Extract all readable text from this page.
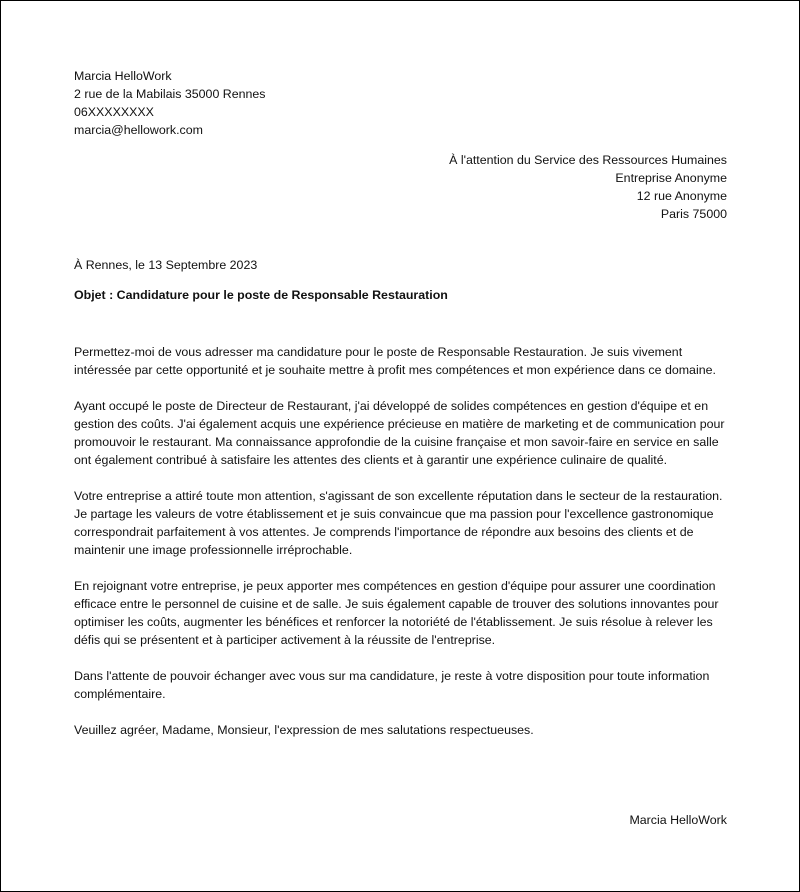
Marcia HelloWork
2 rue de la Mabilais 35000 Rennes
06XXXXXXXX
marcia@hellowork.com
À l'attention du Service des Ressources Humaines
Entreprise Anonyme
12 rue Anonyme
Paris 75000
À Rennes, le 13 Septembre 2023
Objet : Candidature pour le poste de Responsable Restauration

Permettez-moi de vous adresser ma candidature pour le poste de Responsable Restauration. Je suis vivement intéressée par cette opportunité et je souhaite mettre à profit mes compétences et mon expérience dans ce domaine.

Ayant occupé le poste de Directeur de Restaurant, j'ai développé de solides compétences en gestion d'équipe et en gestion des coûts. J'ai également acquis une expérience précieuse en matière de marketing et de communication pour promouvoir le restaurant. Ma connaissance approfondie de la cuisine française et mon savoir-faire en service en salle ont également contribué à satisfaire les attentes des clients et à garantir une expérience culinaire de qualité.

Votre entreprise a attiré toute mon attention, s'agissant de son excellente réputation dans le secteur de la restauration. Je partage les valeurs de votre établissement et je suis convaincue que ma passion pour l'excellence gastronomique correspondrait parfaitement à vos attentes. Je comprends l'importance de répondre aux besoins des clients et de maintenir une image professionnelle irréprochable.

En rejoignant votre entreprise, je peux apporter mes compétences en gestion d'équipe pour assurer une coordination efficace entre le personnel de cuisine et de salle. Je suis également capable de trouver des solutions innovantes pour optimiser les coûts, augmenter les bénéfices et renforcer la notoriété de l'établissement. Je suis résolue à relever les défis qui se présentent et à participer activement à la réussite de l'entreprise.

Dans l'attente de pouvoir échanger avec vous sur ma candidature, je reste à votre disposition pour toute information complémentaire.

Veuillez agréer, Madame, Monsieur, l'expression de mes salutations respectueuses.

Marcia HelloWork
